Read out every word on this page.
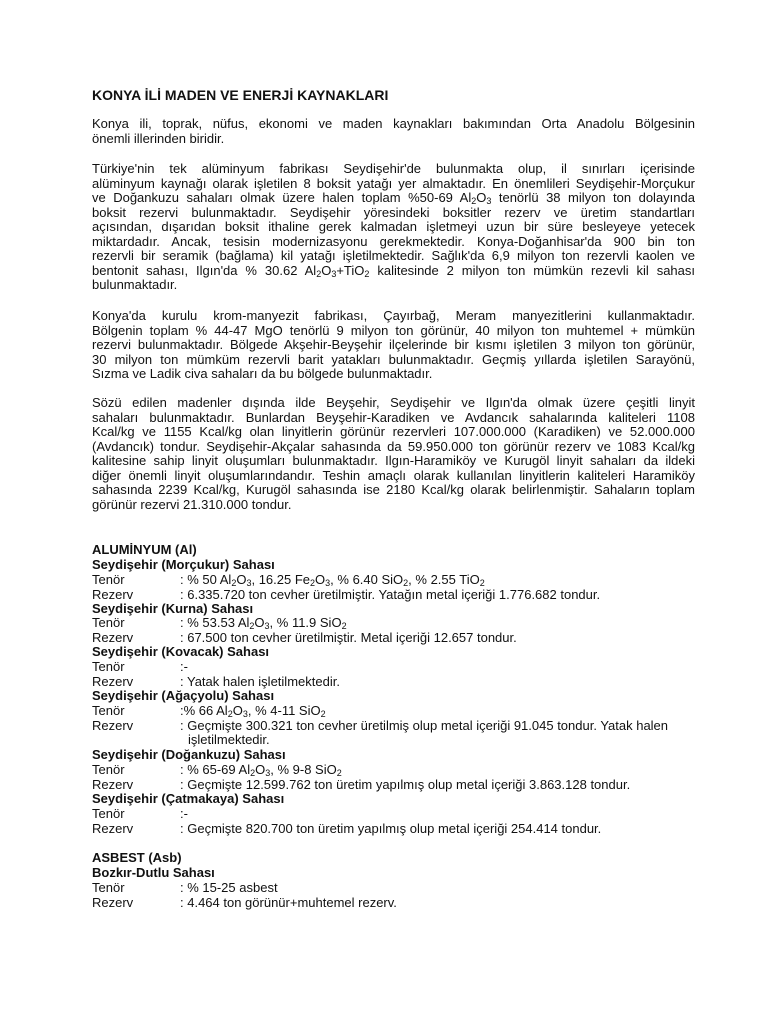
KONYA İLİ MADEN VE ENERJİ KAYNAKLARI
Konya ili, toprak, nüfus, ekonomi ve maden kaynakları bakımından Orta Anadolu Bölgesinin
önemli illerinden biridir.
Türkiye'nin tek alüminyum fabrikası Seydişehir'de bulunmakta olup, il sınırları içerisinde
alüminyum kaynağı olarak işletilen 8 boksit yatağı yer almaktadır. En önemlileri Seydişehir-Morçukur
ve Doğankuzu sahaları olmak üzere halen toplam %50-69 $Al_2O_3$ tenörlü 38 milyon ton dolayında
boksit rezervi bulunmaktadır. Seydişehir yöresindeki boksitler rezerv ve üretim standartları
açısından, dışarıdan boksit ithaline gerek kalmadan işletmeyi uzun bir süre besleyeye yetecek
miktardadır. Ancak, tesisin modernizasyonu gerekmektedir. Konya-Doğanhisar'da 900 bin ton
rezervli bir seramik (bağlama) kil yatağı işletilmektedir. Sağlık'da 6,9 milyon ton rezervli kaolen ve
bentonit sahası, Ilgın'da % 30.62 $Al_2O_3+TiO_2$ kalitesinde 2 milyon ton mümkün rezevli kil sahası
bulunmaktadır.
Konya'da kurulu krom-manyezit fabrikası, Çayırbağ, Meram manyezitlerini kullanmaktadır.
Bölgenin toplam % 44-47 MgO tenörlü 9 milyon ton görünür, 40 milyon ton muhtemel + mümkün
rezervi bulunmaktadır. Bölgede Akşehir-Beyşehir ilçelerinde bir kısmı işletilen 3 milyon ton görünür,
30 milyon ton mümküm rezervli barit yatakları bulunmaktadır. Geçmiş yıllarda işletilen Sarayönü,
Sızma ve Ladik civa sahaları da bu bölgede bulunmaktadır.
Sözü edilen madenler dışında ilde Beyşehir, Seydişehir ve Ilgın'da olmak üzere çeşitli linyit
sahaları bulunmaktadır. Bunlardan Beyşehir-Karadiken ve Avdancık sahalarında kaliteleri 1108
Kcal/kg ve 1155 Kcal/kg olan linyitlerin görünür rezervleri 107.000.000 (Karadiken) ve 52.000.000
(Avdancık) tondur. Seydişehir-Akçalar sahasında da 59.950.000 ton görünür rezerv ve 1083 Kcal/kg
kalitesine sahip linyit oluşumları bulunmaktadır. Ilgın-Haramiköy ve Kurugöl linyit sahaları da ildeki
diğer önemli linyit oluşumlarındandır. Teshin amaçlı olarak kullanılan linyitlerin kaliteleri Haramiköy
sahasında 2239 Kcal/kg, Kurugöl sahasında ise 2180 Kcal/kg olarak belirlenmiştir. Sahaların toplam
görünür rezervi 21.310.000 tondur.
ALUMİNYUM (Al)
Seydişehir (Morçukur) Sahası
Tenör	: % 50 $Al_2O_3$, 16.25 $Fe_2O_3$, % 6.40 SiO$_2$, % 2.55 TiO$_2$
Rezerv	: 6.335.720 ton cevher üretilmiştir. Yatağın metal içeriği 1.776.682 tondur.
Seydişehir (Kurna) Sahası
Tenör	: % 53.53 $Al_2O_3$, % 11.9 SiO$_2$
Rezerv	: 67.500 ton cevher üretilmiştir. Metal içeriği 12.657 tondur.
Seydişehir (Kovacak) Sahası
Tenör	:-
Rezerv	: Yatak halen işletilmektedir.
Seydişehir (Ağaçyolu) Sahası
Tenör	:% 66 $Al_2O_3$, % 4-11 SiO$_2$
Rezerv	: Geçmişte 300.321 ton cevher üretilmiş olup metal içeriği 91.045 tondur. Yatak halen
işletilmektedir.
Seydişehir (Doğankuzu) Sahası
Tenör	: % 65-69 $Al_2O_3$, % 9-8 SiO$_2$
Rezerv	: Geçmişte 12.599.762 ton üretim yapılmış olup metal içeriği 3.863.128 tondur.
Seydişehir (Çatmakaya) Sahası
Tenör	:-
Rezerv	: Geçmişte 820.700 ton üretim yapılmış olup metal içeriği 254.414 tondur.
ASBEST (Asb)
Bozkır-Dutlu Sahası
Tenör	: % 15-25 asbest
Rezerv	: 4.464 ton görünür+muhtemel rezerv.
